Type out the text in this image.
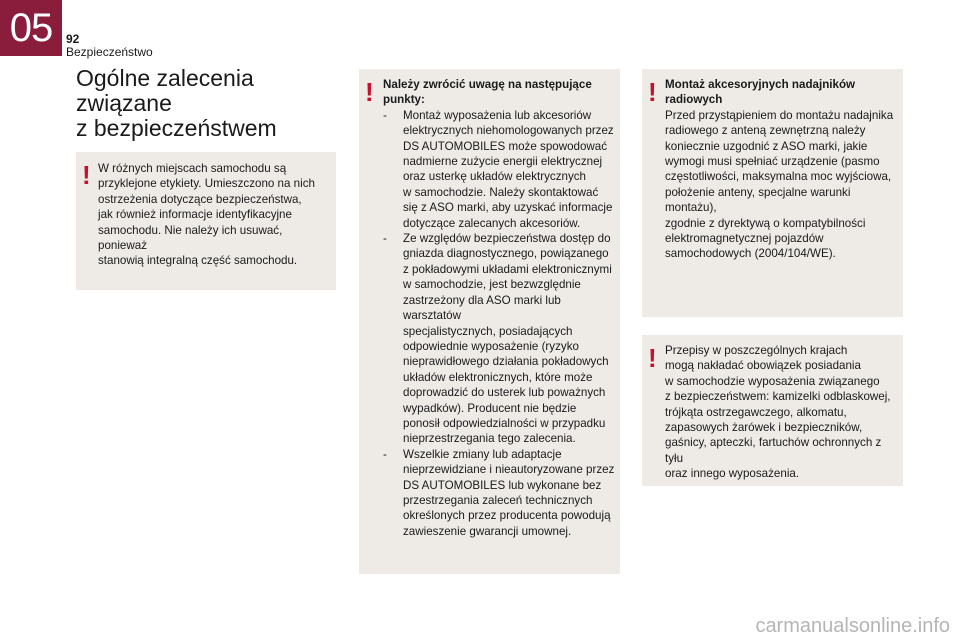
05	92
Bezpieczeństwo
Ogólne zalecenia
związane
z bezpieczeństwem
! W różnych miejscach samochodu są
przyklejone etykiety. Umieszczono na nich
ostrzeżenia dotyczące bezpieczeństwa,
jak również informacje identyfikacyjne
samochodu. Nie należy ich usuwać, ponieważ
stanowią integralną część samochodu.
! Należy zwrócić uwagę na następujące
punkty:
-	Montaż wyposażenia lub akcesoriów
elektrycznych niehomologowanych przez
DS AUTOMOBILES może spowodować
nadmierne zużycie energii elektrycznej
oraz usterkę układów elektrycznych
w samochodzie. Należy skontaktować
się z ASO marki, aby uzyskać informacje
dotyczące zalecanych akcesoriów.
-	Ze względów bezpieczeństwa dostęp do
gniazda diagnostycznego, powiązanego
z pokładowymi układami elektronicznymi
w samochodzie, jest bezwzględnie
zastrzeżony dla ASO marki lub warsztatów
specjalistycznych, posiadających
odpowiednie wyposażenie (ryzyko
nieprawidłowego działania pokładowych
układów elektronicznych, które może
doprowadzić do usterek lub poważnych
wypadków). Producent nie będzie
ponosił odpowiedzialności w przypadku
nieprzestrzegania tego zalecenia.
-	Wszelkie zmiany lub adaptacje
nieprzewidziane i nieautoryzowane przez
DS AUTOMOBILES lub wykonane bez
przestrzegania zaleceń technicznych
określonych przez producenta powodują
zawieszenie gwarancji umownej.
! Montaż akcesoryjnych nadajników
radiowych
Przed przystąpieniem do montażu nadajnika
radiowego z anteną zewnętrzną należy
koniecznie uzgodnić z ASO marki, jakie
wymogi musi spełniać urządzenie (pasmo
częstotliwości, maksymalna moc wyjściowa,
położenie anteny, specjalne warunki montażu),
zgodnie z dyrektywą o kompatybilności
elektromagnetycznej pojazdów
samochodowych (2004/104/WE).
! Przepisy w poszczególnych krajach
mogą nakładać obowiązek posiadania
w samochodzie wyposażenia związanego
z bezpieczeństwem: kamizelki odblaskowej,
trójkąta ostrzegawczego, alkomatu,
zapasowych żarówek i bezpieczników,
gaśnicy, apteczki, fartuchów ochronnych z tyłu
oraz innego wyposażenia.
carmanualsonline.info
